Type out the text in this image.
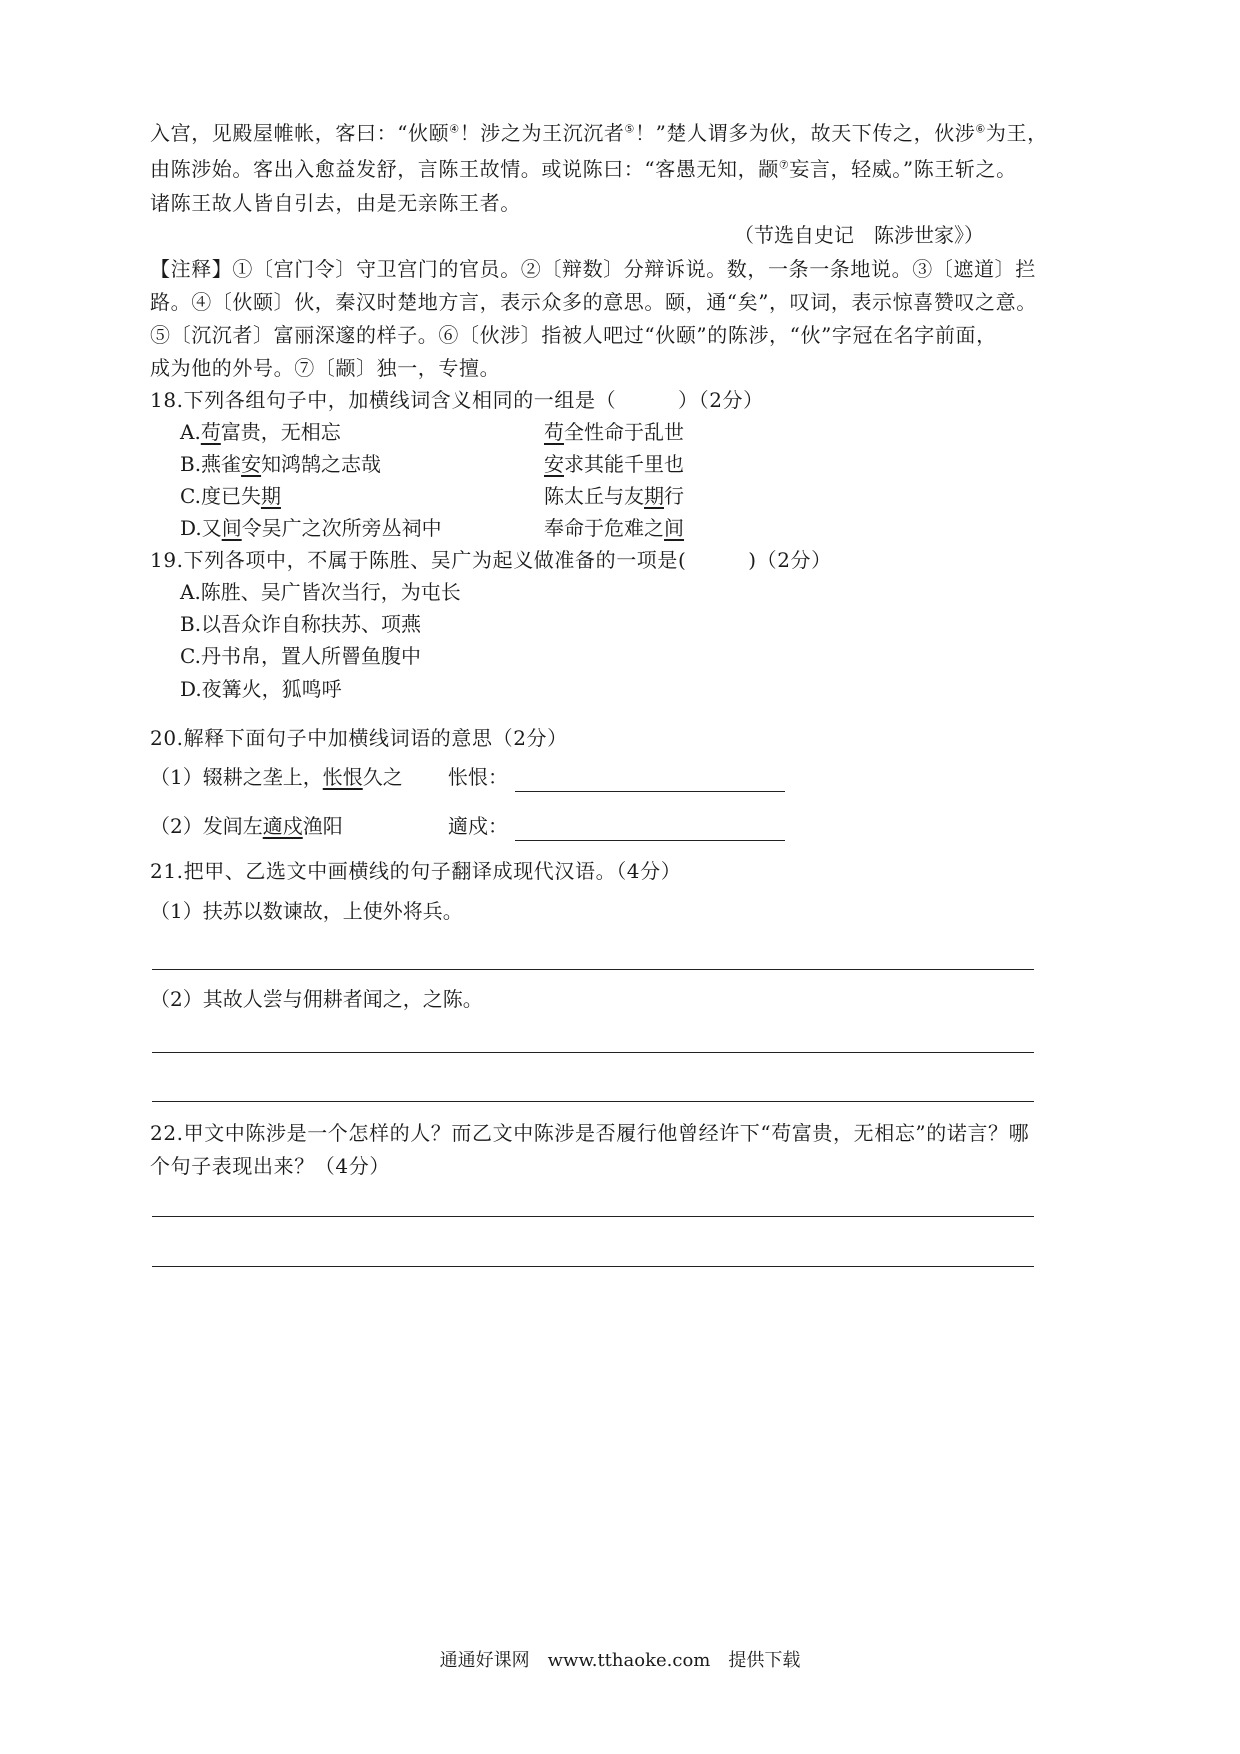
入宫，见殿屋帷帐，客曰：“伙颐④！涉之为王沉沉者⑤！”楚人谓多为伙，故天下传之，伙涉⑥为王，
由陈涉始。客出入愈益发舒，言陈王故情。或说陈曰：“客愚无知，颛⑦妄言，轻威。”陈王斩之。
诸陈王故人皆自引去，由是无亲陈王者。
（节选自史记　陈涉世家》）
【注释】①〔宫门令〕守卫宫门的官员。②〔辩数〕分辩诉说。数，一条一条地说。③〔遮道〕拦
路。④〔伙颐〕伙，秦汉时楚地方言，表示众多的意思。颐，通“矣”，叹词，表示惊喜赞叹之意。
⑤〔沉沉者〕富丽深邃的样子。⑥〔伙涉〕指被人吧过“伙颐”的陈涉，“伙”字冠在名字前面，
成为他的外号。⑦〔颛〕独一，专擅。
18.下列各组句子中，加横线词含义相同的一组是（　　　）（2分）
A.苟富贵，无相忘	苟全性命于乱世
B.燕雀安知鸿鹄之志哉	安求其能千里也
C.度已失期	陈太丘与友期行
D.又间令吴广之次所旁丛祠中	奉命于危难之间
19.下列各项中，不属于陈胜、吴广为起义做准备的一项是(　　　)（2分）
A.陈胜、吴广皆次当行，为屯长
B.以吾众诈自称扶苏、项燕
C.丹书帛，置人所罾鱼腹中
D.夜篝火，狐鸣呼
20.解释下面句子中加横线词语的意思（2分）
（1）辍耕之垄上，怅恨久之 怅恨：
（2）发闾左適戍渔阳	適戍：
21.把甲、乙选文中画横线的句子翻译成现代汉语。（4分）
（1）扶苏以数谏故，上使外将兵。
（2）其故人尝与佣耕者闻之，之陈。
22.甲文中陈涉是一个怎样的人？而乙文中陈涉是否履行他曾经许下“苟富贵，无相忘”的诺言？哪
个句子表现出来？（4分）
通通好课网　www.tthaoke.com　提供下载
